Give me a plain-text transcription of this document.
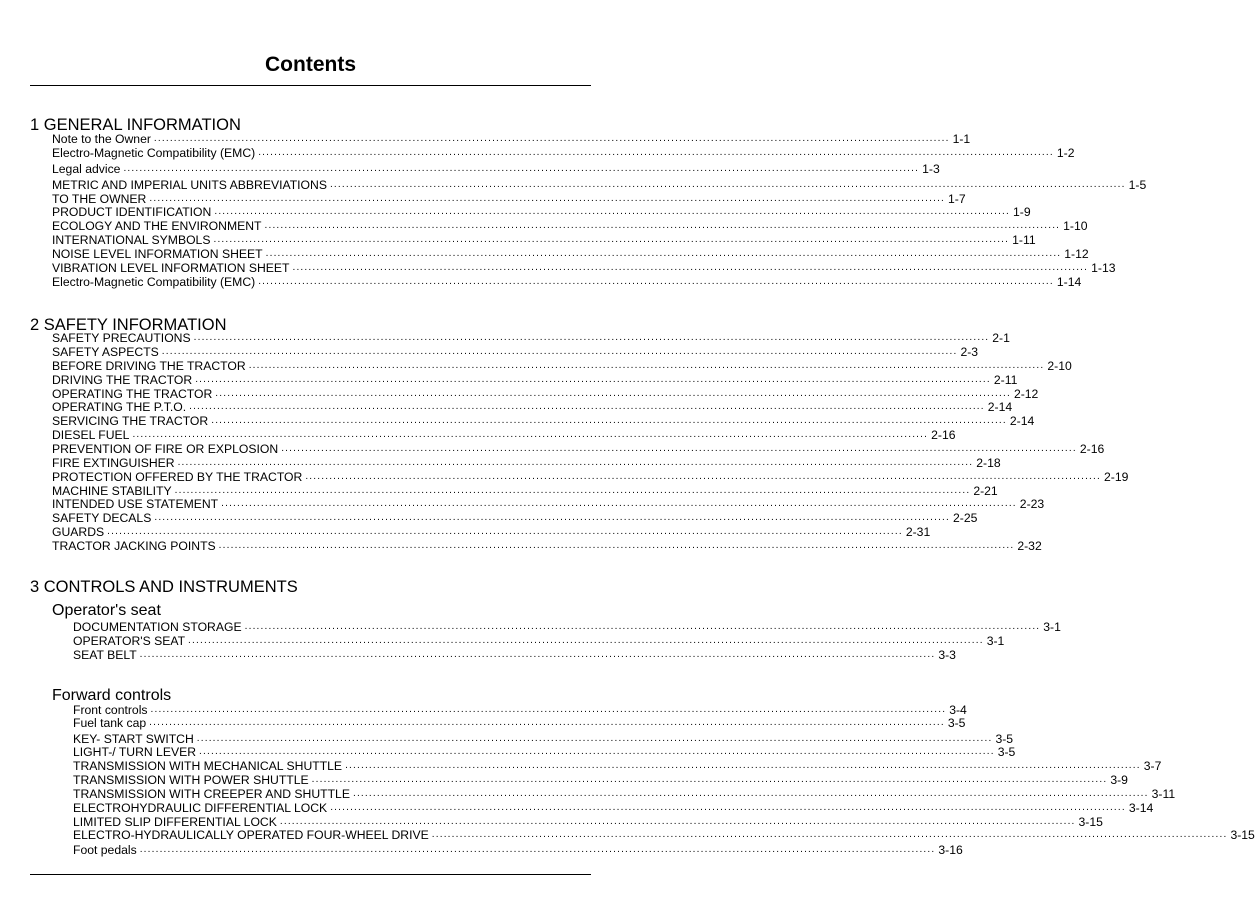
Contents
1 GENERAL INFORMATION
Note to the Owner ........................................................................................................................................................................................................ 1-1
Electro-Magnetic Compatibility (EMC) ........................................................................................................................................................................................................ 1-2
Legal advice ........................................................................................................................................................................................................ 1-3
METRIC AND IMPERIAL UNITS ABBREVIATIONS ........................................................................................................................................................................................................ 1-5
TO THE OWNER ........................................................................................................................................................................................................ 1-7
PRODUCT IDENTIFICATION ........................................................................................................................................................................................................ 1-9
ECOLOGY AND THE ENVIRONMENT ........................................................................................................................................................................................................ 1-10
INTERNATIONAL SYMBOLS ........................................................................................................................................................................................................ 1-11
NOISE LEVEL INFORMATION SHEET ........................................................................................................................................................................................................ 1-12
VIBRATION LEVEL INFORMATION SHEET ........................................................................................................................................................................................................ 1-13
Electro-Magnetic Compatibility (EMC) ........................................................................................................................................................................................................ 1-14
2 SAFETY INFORMATION
SAFETY PRECAUTIONS ........................................................................................................................................................................................................ 2-1
SAFETY ASPECTS ........................................................................................................................................................................................................ 2-3
BEFORE DRIVING THE TRACTOR ........................................................................................................................................................................................................ 2-10
DRIVING THE TRACTOR ........................................................................................................................................................................................................ 2-11
OPERATING THE TRACTOR ........................................................................................................................................................................................................ 2-12
OPERATING THE P.T.O. ........................................................................................................................................................................................................ 2-14
SERVICING THE TRACTOR ........................................................................................................................................................................................................ 2-14
DIESEL FUEL ........................................................................................................................................................................................................ 2-16
PREVENTION OF FIRE OR EXPLOSION ........................................................................................................................................................................................................ 2-16
FIRE EXTINGUISHER ........................................................................................................................................................................................................ 2-18
PROTECTION OFFERED BY THE TRACTOR ........................................................................................................................................................................................................ 2-19
MACHINE STABILITY ........................................................................................................................................................................................................ 2-21
INTENDED USE STATEMENT ........................................................................................................................................................................................................ 2-23
SAFETY DECALS ........................................................................................................................................................................................................ 2-25
GUARDS ........................................................................................................................................................................................................ 2-31
TRACTOR JACKING POINTS ........................................................................................................................................................................................................ 2-32
3 CONTROLS AND INSTRUMENTS
Operator's seat
DOCUMENTATION STORAGE ........................................................................................................................................................................................................ 3-1
OPERATOR'S SEAT ........................................................................................................................................................................................................ 3-1
SEAT BELT ........................................................................................................................................................................................................ 3-3
Forward controls
Front controls ........................................................................................................................................................................................................ 3-4
Fuel tank cap ........................................................................................................................................................................................................ 3-5
KEY- START SWITCH ........................................................................................................................................................................................................ 3-5
LIGHT-/ TURN LEVER ........................................................................................................................................................................................................ 3-5
TRANSMISSION WITH MECHANICAL SHUTTLE ........................................................................................................................................................................................................ 3-7
TRANSMISSION WITH POWER SHUTTLE ........................................................................................................................................................................................................ 3-9
TRANSMISSION WITH CREEPER AND SHUTTLE ........................................................................................................................................................................................................ 3-11
ELECTROHYDRAULIC DIFFERENTIAL LOCK ........................................................................................................................................................................................................ 3-14
LIMITED SLIP DIFFERENTIAL LOCK ........................................................................................................................................................................................................ 3-15
ELECTRO-HYDRAULICALLY OPERATED FOUR-WHEEL DRIVE ........................................................................................................................................................................................................ 3-15
Foot pedals ........................................................................................................................................................................................................ 3-16
